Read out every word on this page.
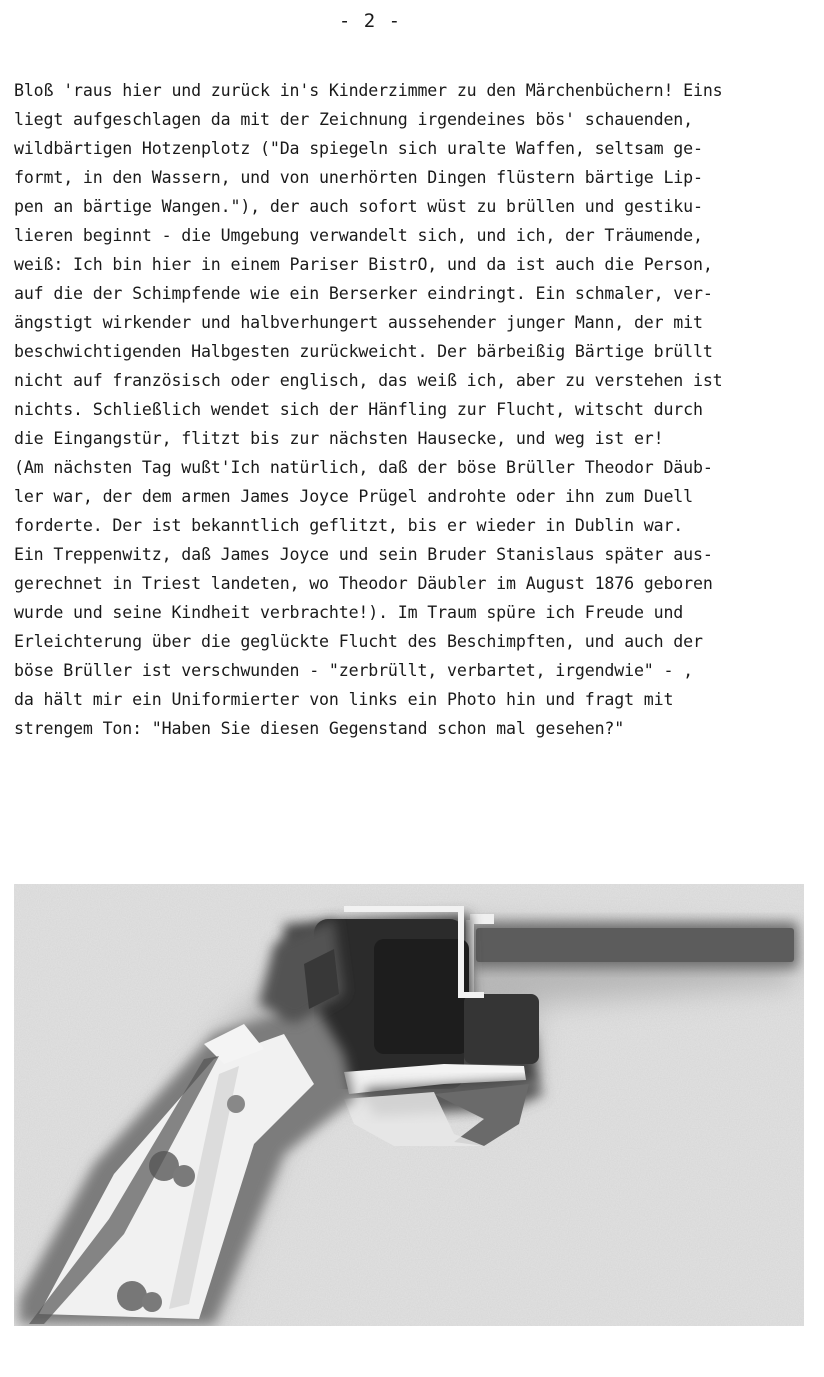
- 2 -
Bloß 'raus hier und zurück in's Kinderzimmer zu den Märchenbüchern! Eins
liegt aufgeschlagen da mit der Zeichnung irgendeines bös' schauenden,
wildbärtigen Hotzenplotz ("Da spiegeln sich uralte Waffen, seltsam ge-
formt, in den Wassern, und von unerhörten Dingen flüstern bärtige Lip-
pen an bärtige Wangen."), der auch sofort wüst zu brüllen und gestiku-
lieren beginnt - die Umgebung verwandelt sich, und ich, der Träumende,
weiß: Ich bin hier in einem Pariser BistrO, und da ist auch die Person,
auf die der Schimpfende wie ein Berserker eindringt. Ein schmaler, ver-
ängstigt wirkender und halbverhungert aussehender junger Mann, der mit
beschwichtigenden Halbgesten zurückweicht. Der bärbeißig Bärtige brüllt
nicht auf französisch oder englisch, das weiß ich, aber zu verstehen ist
nichts. Schließlich wendet sich der Hänfling zur Flucht, witscht durch
die Eingangstür, flitzt bis zur nächsten Hausecke, und weg ist er!
(Am nächsten Tag wußt'Ich natürlich, daß der böse Brüller Theodor Däub-
ler war, der dem armen James Joyce Prügel androhte oder ihn zum Duell
forderte. Der ist bekanntlich geflitzt, bis er wieder in Dublin war.
Ein Treppenwitz, daß James Joyce und sein Bruder Stanislaus später aus-
gerechnet in Triest landeten, wo Theodor Däubler im August 1876 geboren
wurde und seine Kindheit verbrachte!). Im Traum spüre ich Freude und
Erleichterung über die geglückte Flucht des Beschimpften, und auch der
böse Brüller ist verschwunden - "zerbrüllt, verbartet, irgendwie" - ,
da hält mir ein Uniformierter von links ein Photo hin und fragt mit
strengem Ton: "Haben Sie diesen Gegenstand schon mal gesehen?"
